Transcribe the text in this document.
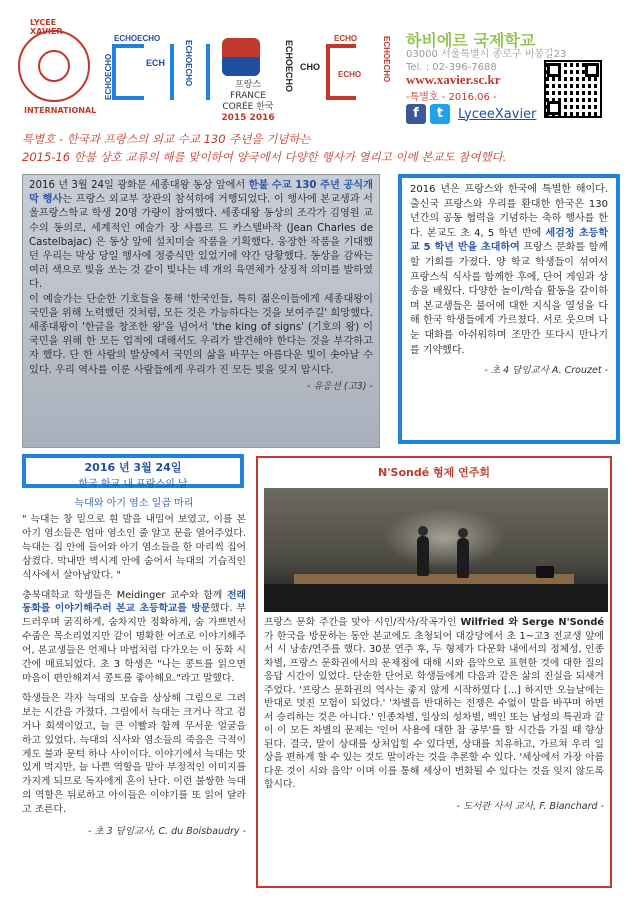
LYCEE XAVIER
INTERNATIONAL
ECHOECHO
ECHOECHO
ECH ECHOECHO	프랑스FRANCE
CORÉE 한국
2015 2016
ECHOECHO CHO
ECHO
ECHO	ECHOECHO 하비에르 국제학교
03000 서울특별시 종로구 비봉길23
Tel. : 02-396-7688
www.xavier.sc.kr
-특별호 - 2016.06 -
f	t	LyceeXavier
특별호 - 한국과 프랑스의 외교 수교 130 주년을 기념하는
2015-16 한불 상호 교류의 해를 맞이하여 양국에서 다양한 행사가 열리고 이에 본교도 참여했다.

2016 년 3월 24일 광화문 세종대왕 동상 앞에서 한불 수교 130 주년 공식개막 행사는 프랑스 외교부 장관의 참석하에 거행되었다. 이 행사에 본교생과 서울프랑스학교 학생 20명 가량이 참여했다. 세종대왕 동상의 조각가 김영원 교수의 동의로, 세계적인 예술가 장 샤를르 드 카스텔바작 (Jean Charles de Castelbajac) 은 동상 앞에 설치미술 작품을 기획했다. 웅장한 작품을 기대했던 우리는 막상 당일 행사에 정중식만 있었기에 약간 당황했다. 동상을 감싸는 여러 색으로 빛을 쏘는 것 같이 빛나는 네 개의 육면체가 상징적 의미를 발하였다.

이 예술가는 단순한 기호들을 통해 '한국인들, 특히 젊은이들에게 세종대왕이 국민을 위해 노력했던 것처럼, 모든 것은 가능하다는 것을 보여주길' 희망했다. 세종대왕이 '한글을 창조한 왕'을 넘어서 'the king of signs' (기호의 왕) 이 국민을 위해 한 모든 업적에 대해서도 우리가 발견해야 한다는 것을 부각하고자 했다. 단 한 사람의 발상에서 국민의 삶을 바꾸는 아름다운 빛이 솟아날 수 있다. 우리 역사를 이룬 사람들에게 우리가 진 모든 빚을 잊지 맙시다.

- 유응선 (고3) -

2016 년은 프랑스와 한국에 특별한 해이다. 출신국 프랑스와 우리를 환대한 한국은 130년간의 공동 협력을 기념하는 축하 행사를 한다. 본교도 초 4, 5 학년 반에 세검정 초등학교 5 학년 반을 초대하여 프랑스 문화를 함께 할 기회를 가졌다. 양 학교 학생들이 섞여서 프랑스식 식사를 함께한 후에, 단어 게임과 상송을 배웠다. 다양한 놀이/학습 활동을 같이하며 본교생들은 불어에 대한 지식을 열성을 다해 한국 학생들에게 가르쳤다. 서로 웃으며 나눈 대화를 아쉬워하며 조만간 또다시 만나기를 기약했다.

- 초 4 담임교사 A. Crouzet -
2016 년 3월 24일
한국 학교 내 프랑스의 날
늑대와 아기 염소 일곱 마리

" 늑대는 창 밑으로 흰 발을 내밀어 보였고, 이를 본 아기 염소들은 엄마 염소인 줄 알고 문을 열어주었다. 늑대는 집 안에 들어와 아기 염소들을 한 마리씩 집어삼켰다. 막내만 벽시계 안에 숨어서 늑대의 기습적인 식사에서 살아남았다. "

충북대학교 학생들은 Meidinger 교수와 함께 전래동화를 이야기해주러 본교 초등학교를 방문했다. 부드러우며 굵직하게, 숨차지만 정확하게, 숨 가쁘면서 수줍은 목소리였지만 같이 명확한 어조로 이야기해주어, 본교생들은 언제나 마법처럼 다가오는 이 동화 시간에 매료되었다. 초 3 학생은 "나는 콩트를 읽으면 마음이 편안해져서 콩트를 좋아해요."라고 말했다.

학생들은 각자 늑대의 모습을 상상해 그림으로 그려보는 시간을 가졌다. 그림에서 늑대는 크거나 작고 검거나 회색이었고, 늘 큰 이빨과 함께 무서운 얼굴을 하고 있었다. 늑대의 식사와 염소들의 죽음은 극적이게도 불과 문턱 하나 사이이다. 이야기에서 늑대는 맛있게 먹지만, 늘 나쁜 역할을 맡아 부정적인 이미지를 가지게 되므로 독자에게 혼이 난다. 이런 불쌍한 늑대의 역할은 뒤로하고 아이들은 이야기를 또 읽어 달라고 조른다.

- 초 3 담임교사, C. du Boisbaudry -
N'Sondé 형제 연주회

프랑스 문화 주간을 맞아 시인/작사/작곡가인 Wilfried 와 Serge N'Sondé 가 한국을 방문하는 동안 본교에도 초청되어 대강당에서 초 1~고3 전교생 앞에서 시 낭송/연주를 했다. 30분 연주 후, 두 형제가 다문화 내에서의 정체성, 인종차별, 프랑스 문화권에서의 문제점에 대해 시와 음악으로 표현한 것에 대한 질의응답 시간이 있었다. 단순한 단어로 학생들에게 다음과 같은 삶의 진실을 되새겨 주었다. '프랑스 문화권의 역사는 좋지 않게 시작하였다 [...] 하지만 오늘날에는 반대로 멋진 모험이 되었다.' '차별을 반대하는 전쟁은 수없이 발을 바꾸며 하면서 승리하는 것은 아니다.' 인종차별, 일상의 성차별, 백인 또는 남성의 특권과 같이 이 모든 차별의 문제는 '인어 사용에 대한 참 공부'를 할 시간을 가질 때 향상된다. 결국, 말이 상대를 상처입힐 수 있다면, 상대를 치유하고, 가르쳐 우리 일상을 편하게 할 수 있는 것도 말이라는 것을 추론할 수 있다. '세상에서 가장 아름다운 것이 시와 음악' 이며 이를 통해 세상이 변화될 수 있다는 것을 잊지 않도록 합시다.

- 도서관 사서 교사, F. Blanchard -
